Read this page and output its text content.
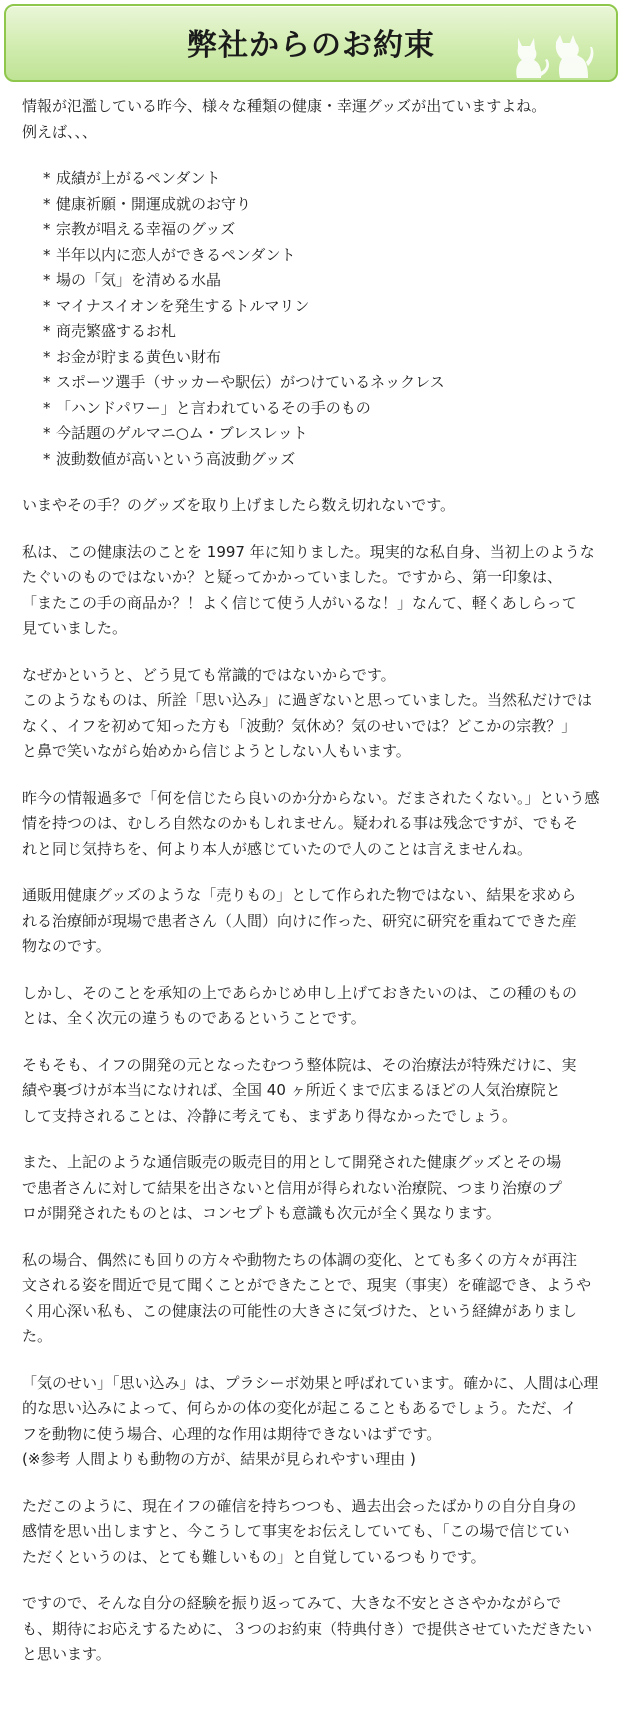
弊社からのお約束

情報が氾濫している昨今、様々な種類の健康・幸運グッズが出ていますよね。

例えば、、、

* 成績が上がるペンダント
* 健康祈願・開運成就のお守り
* 宗教が唱える幸福のグッズ
* 半年以内に恋人ができるペンダント
* 場の「気」を清める水晶
* マイナスイオンを発生するトルマリン
* 商売繁盛するお札
* お金が貯まる黄色い財布
* スポーツ選手（サッカーや駅伝）がつけているネックレス
* 「ハンドパワー」と言われているその手のもの
* 今話題のゲルマニ○ム・ブレスレット
* 波動数値が高いという高波動グッズ

いまやその手？のグッズを取り上げましたら数え切れないです。

私は、この健康法のことを 1997 年に知りました。現実的な私自身、当初上のような
たぐいのものではないか？と疑ってかかっていました。ですから、第一印象は、
「またこの手の商品か？！よく信じて使う人がいるな！」なんて、軽くあしらって
見ていました。

なぜかというと、どう見ても常識的ではないからです。
このようなものは、所詮「思い込み」に過ぎないと思っていました。当然私だけでは
なく、イフを初めて知った方も「波動？気休め？気のせいでは？どこかの宗教？」
と鼻で笑いながら始めから信じようとしない人もいます。

昨今の情報過多で「何を信じたら良いのか分からない。だまされたくない。」という感
情を持つのは、むしろ自然なのかもしれません。疑われる事は残念ですが、でもそ
れと同じ気持ちを、何より本人が感じていたので人のことは言えませんね。

通販用健康グッズのような「売りもの」として作られた物ではない、結果を求めら
れる治療師が現場で患者さん（人間）向けに作った、研究に研究を重ねてできた産
物なのです。

しかし、そのことを承知の上であらかじめ申し上げておきたいのは、この種のもの
とは、全く次元の違うものであるということです。

そもそも、イフの開発の元となったむつう整体院は、その治療法が特殊だけに、実
績や裏づけが本当になければ、全国 40 ヶ所近くまで広まるほどの人気治療院と
して支持されることは、冷静に考えても、まずあり得なかったでしょう。

また、上記のような通信販売の販売目的用として開発された健康グッズとその場
で患者さんに対して結果を出さないと信用が得られない治療院、つまり治療のプ
ロが開発されたものとは、コンセプトも意識も次元が全く異なります。

私の場合、偶然にも回りの方々や動物たちの体調の変化、とても多くの方々が再注
文される姿を間近で見て聞くことができたことで、現実（事実）を確認でき、ようや
く用心深い私も、この健康法の可能性の大きさに気づけた、という経緯がありまし
た。

「気のせい」「思い込み」は、プラシーボ効果と呼ばれています。確かに、人間は心理
的な思い込みによって、何らかの体の変化が起こることもあるでしょう。ただ、イ
フを動物に使う場合、心理的な作用は期待できないはずです。
(※参考 人間よりも動物の方が、結果が見られやすい理由 )

ただこのように、現在イフの確信を持ちつつも、過去出会ったばかりの自分自身の
感情を思い出しますと、今こうして事実をお伝えしていても、「この場で信じてい
ただくというのは、とても難しいもの」と自覚しているつもりです。

ですので、そんな自分の経験を振り返ってみて、大きな不安とささやかながらで
も、期待にお応えするために、３つのお約束（特典付き）で提供させていただきたい
と思います。
